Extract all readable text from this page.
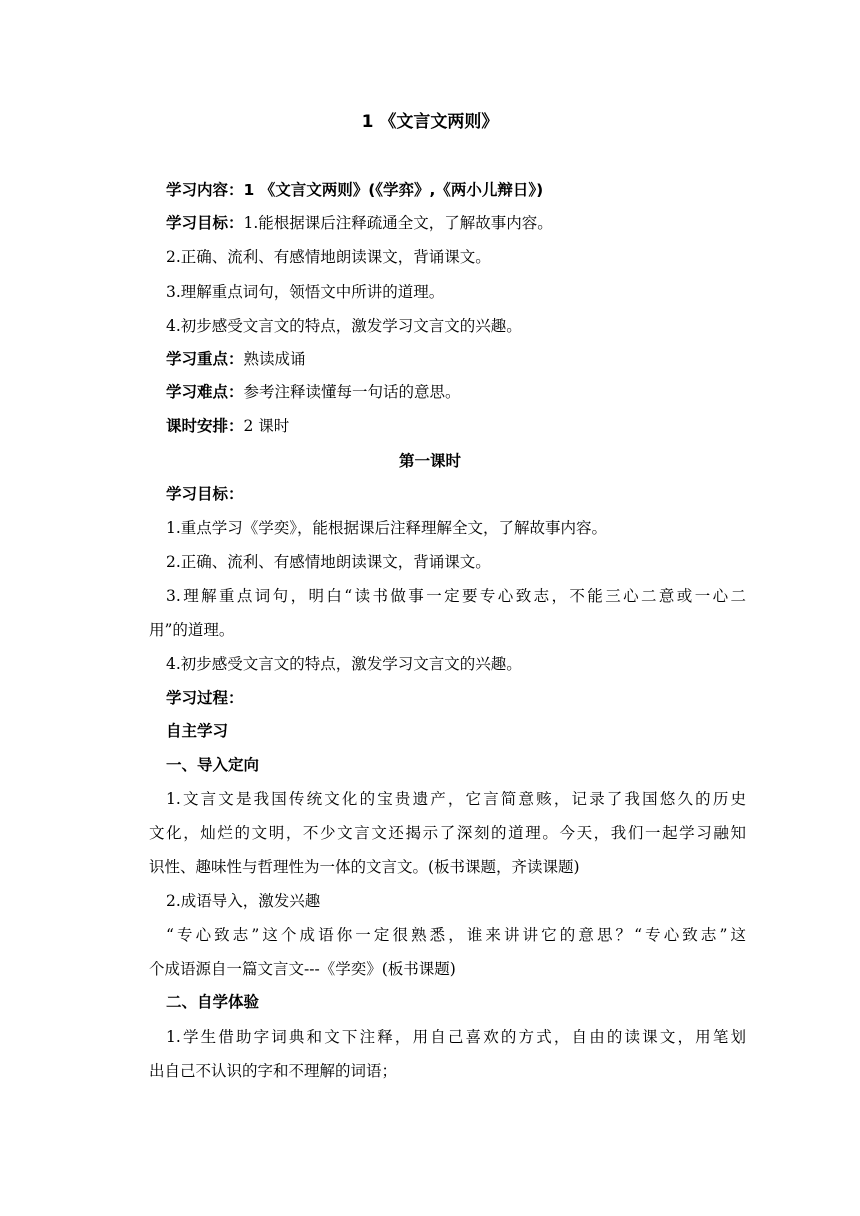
1 《文言文两则》
学习内容：1 《文言文两则》(《学弈》,《两小儿辩日》)
学习目标：1.能根据课后注释疏通全文，了解故事内容。
2.正确、流利、有感情地朗读课文，背诵课文。
3.理解重点词句，领悟文中所讲的道理。
4.初步感受文言文的特点，激发学习文言文的兴趣。
学习重点：熟读成诵
学习难点：参考注释读懂每一句话的意思。
课时安排：2 课时
第一课时
学习目标：
1.重点学习《学奕》，能根据课后注释理解全文，了解故事内容。
2.正确、流利、有感情地朗读课文，背诵课文。
3.理解重点词句，明白“读书做事一定要专心致志，不能三心二意或一心二
用”的道理。
4.初步感受文言文的特点，激发学习文言文的兴趣。
学习过程：
自主学习
一、导入定向
1.文言文是我国传统文化的宝贵遗产，它言简意赅，记录了我国悠久的历史
文化，灿烂的文明，不少文言文还揭示了深刻的道理。今天，我们一起学习融知
识性、趣味性与哲理性为一体的文言文。(板书课题，齐读课题)
2.成语导入，激发兴趣
“专心致志”这个成语你一定很熟悉，谁来讲讲它的意思？“专心致志”这
个成语源自一篇文言文---《学奕》(板书课题)
二、自学体验
1.学生借助字词典和文下注释，用自己喜欢的方式，自由的读课文，用笔划
出自己不认识的字和不理解的词语；
